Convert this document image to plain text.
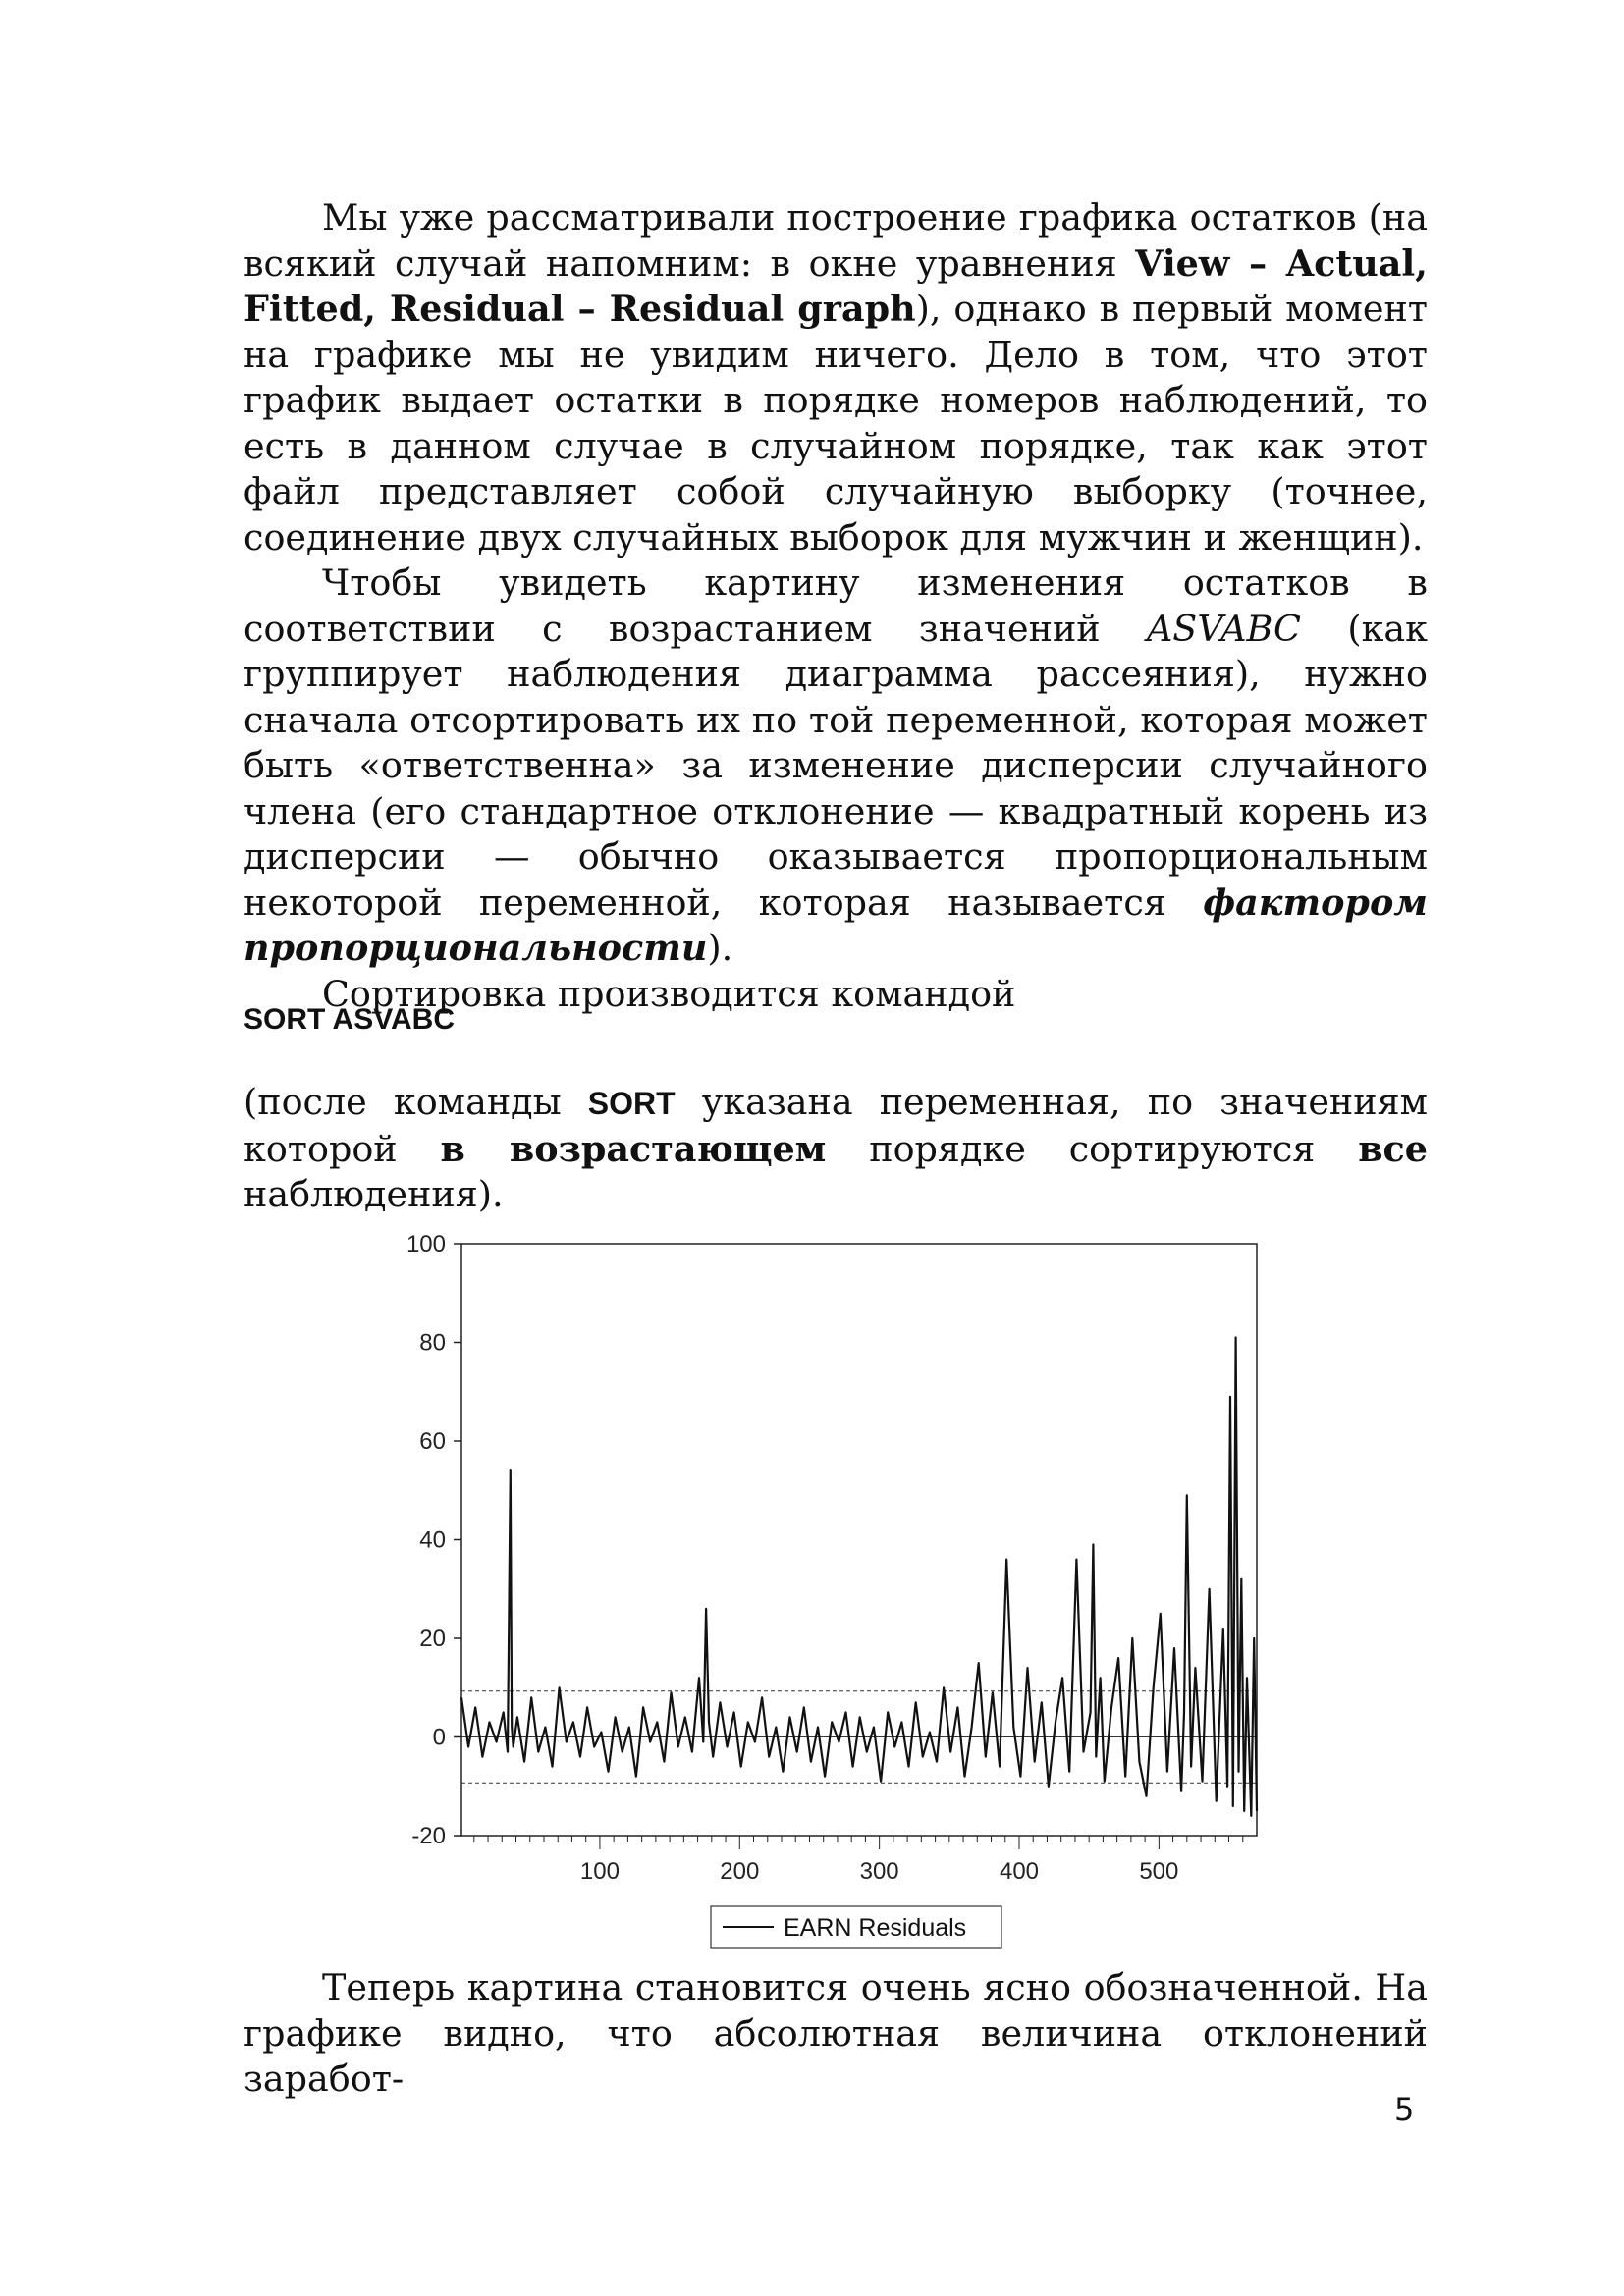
Мы уже рассматривали построение графика остатков (на всякий случай напомним: в окне уравнения View – Actual, Fitted, Residual – Residual graph), однако в первый момент на графике мы не увидим ничего. Дело в том, что этот график выдает остатки в порядке номеров наблюдений, то есть в данном случае в случайном порядке, так как этот файл представляет собой случайную выборку (точнее, соединение двух случайных выборок для мужчин и женщин).

Чтобы увидеть картину изменения остатков в соответствии с возрастанием значений ASVABC (как группирует наблюдения диаграмма рассеяния), нужно сначала отсортировать их по той переменной, которая может быть «ответственна» за изменение дисперсии случайного члена (его стандартное отклонение — квадратный корень из дисперсии — обычно оказывается пропорциональным некоторой переменной, которая называется фактором пропорциональности).

Сортировка производится командой

SORT ASVABC

(после команды SORT указана переменная, по значениям которой в возрастающем порядке сортируются все наблюдения).

100
80
60
40
20
0
-20
100	200	300	400	500
EARN Residuals

Теперь картина становится очень ясно обозначенной. На графике видно, что абсолютная величина отклонений заработ-

5
